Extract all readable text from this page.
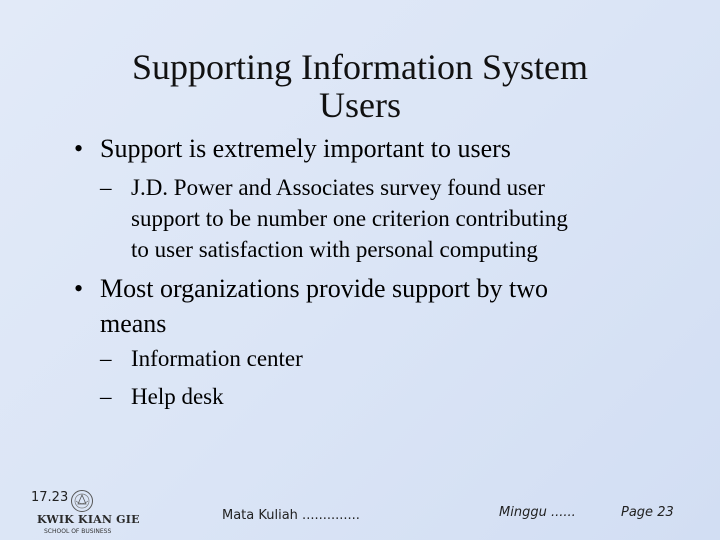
Supporting Information System
Users
• Support is extremely important to users
– J.D. Power and Associates survey found user
support to be number one criterion contributing
to user satisfaction with personal computing
• Most organizations provide support by two
means
– Information center
– Help desk
17.23
KWIK KIAN GIE
SCHOOL OF BUSINESS
Mata Kuliah ..............	Minggu ......	Page 23
